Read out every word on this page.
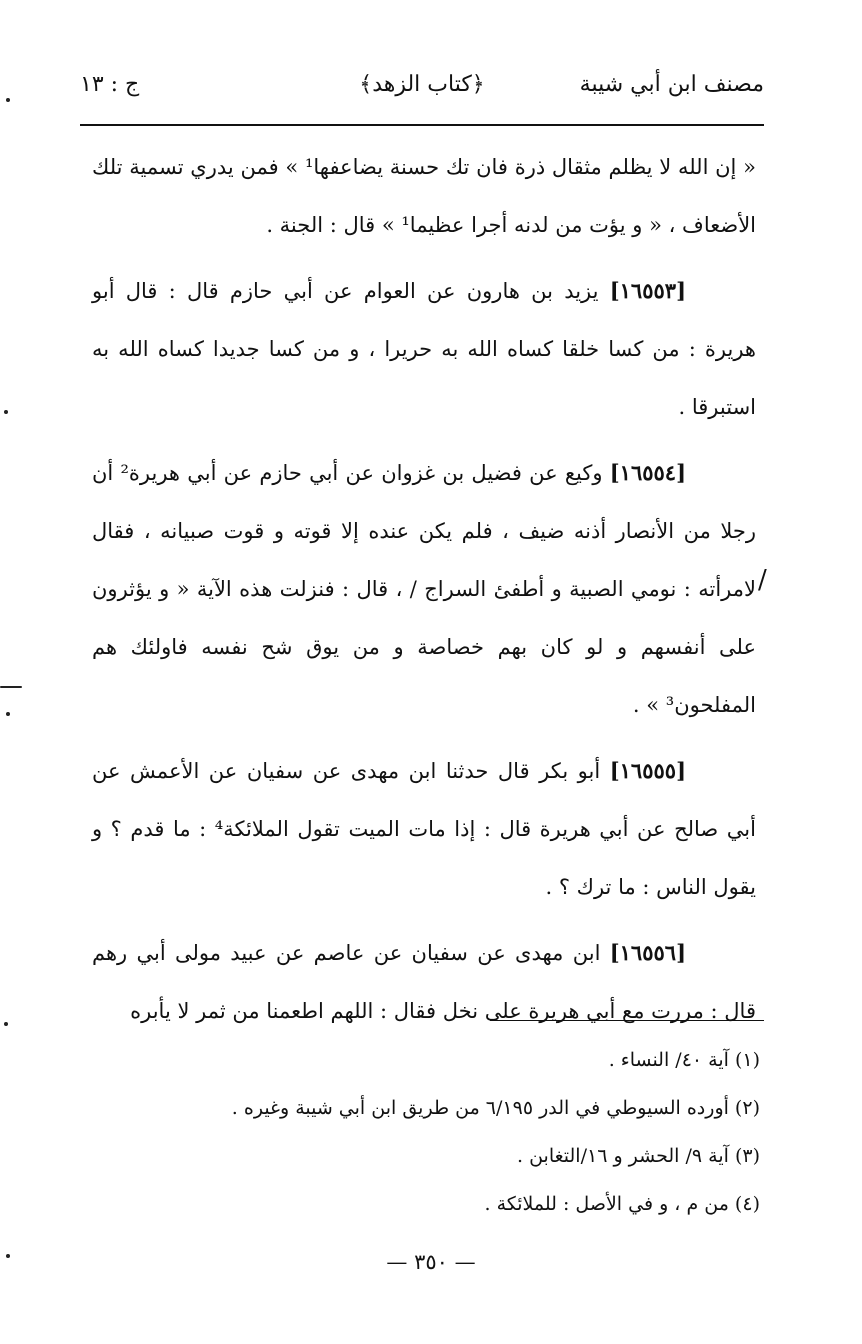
مصنف ابن أبي شيبة
﴿كتاب الزهد﴾
ج : ١٣

« إن الله لا يظلم مثقال ذرة فان تك حسنة يضاعفها¹ » فمن يدري تسمية تلك الأضعاف ، « و يؤت من لدنه أجرا عظيما¹ » قال : الجنة .

[١٦٥٥٣] يزيد بن هارون عن العوام عن أبي حازم قال : قال أبو هريرة : من كسا خلقا كساه الله به حريرا ، و من كسا جديدا كساه الله به استبرقا .

[١٦٥٥٤] وكيع عن فضيل بن غزوان عن أبي حازم عن أبي هريرة² أن رجلا من الأنصار أذنه ضيف ، فلم يكن عنده إلا قوته و قوت صبيانه ، فقال لامرأته : نومي الصبية و أطفئ السراج / ، قال : فنزلت هذه الآية « و يؤثرون على أنفسهم و لو كان بهم خصاصة و من يوق شح نفسه فاولئك هم المفلحون³ » .

[١٦٥٥٥] أبو بكر قال حدثنا ابن مهدى عن سفيان عن الأعمش عن أبي صالح عن أبي هريرة قال : إذا مات الميت تقول الملائكة⁴ : ما قدم ؟ و يقول الناس : ما ترك ؟ .

[١٦٥٥٦] ابن مهدى عن سفيان عن عاصم عن عبيد مولى أبي رهم قال : مررت مع أبي هريرة على نخل فقال : اللهم اطعمنا من ثمر لا يأبره

/
(١) آية ٤٠/ النساء .
(٢) أورده السيوطي في الدر ٦/١٩٥ من طريق ابن أبي شيبة وغيره .
(٣) آية ٩/ الحشر و ١٦/التغابن .
(٤) من م ، و في الأصل : للملائكة .
— ٣٥٠ —
